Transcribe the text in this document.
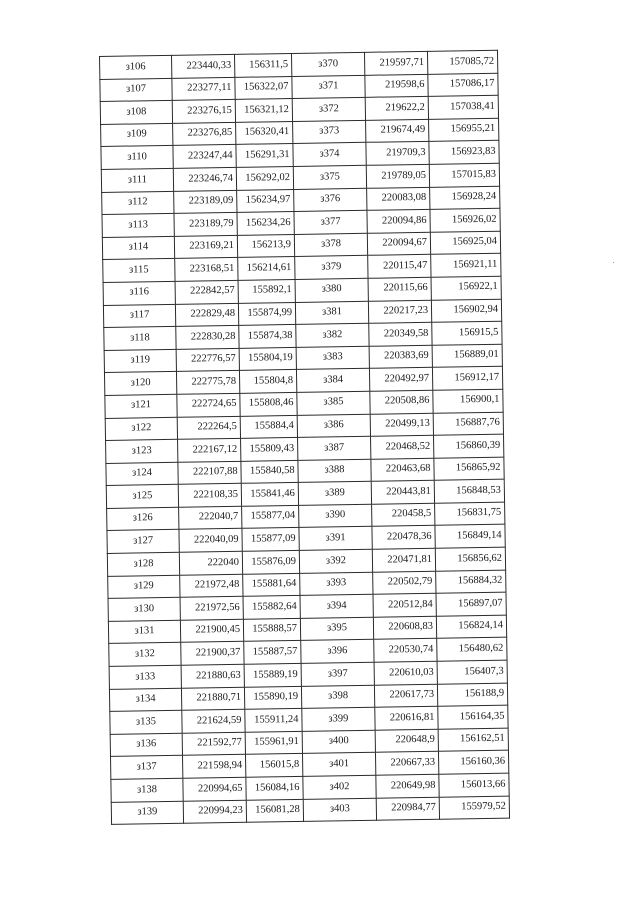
з106	223440,33	156311,5	з370	219597,71	157085,72
з107	223277,11	156322,07	з371	219598,6	157086,17
з108	223276,15	156321,12	з372	219622,2	157038,41
з109	223276,85	156320,41	з373	219674,49	156955,21
з110	223247,44	156291,31	з374	219709,3	156923,83
з111	223246,74	156292,02	з375	219789,05	157015,83
з112	223189,09	156234,97	з376	220083,08	156928,24
з113	223189,79	156234,26	з377	220094,86	156926,02
з114	223169,21	156213,9	з378	220094,67	156925,04
з115	223168,51	156214,61	з379	220115,47	156921,11
з116	222842,57	155892,1	з380	220115,66	156922,1
з117	222829,48	155874,99	з381	220217,23	156902,94
з118	222830,28	155874,38	з382	220349,58	156915,5
з119	222776,57	155804,19	з383	220383,69	156889,01
з120	222775,78	155804,8	з384	220492,97	156912,17
з121	222724,65	155808,46	з385	220508,86	156900,1
з122	222264,5	155884,4	з386	220499,13	156887,76
з123	222167,12	155809,43	з387	220468,52	156860,39
з124	222107,88	155840,58	з388	220463,68	156865,92
з125	222108,35	155841,46	з389	220443,81	156848,53
з126	222040,7	155877,04	з390	220458,5	156831,75
з127	222040,09	155877,09	з391	220478,36	156849,14
з128	222040	155876,09	з392	220471,81	156856,62
з129	221972,48	155881,64	з393	220502,79	156884,32
з130	221972,56	155882,64	з394	220512,84	156897,07
з131	221900,45	155888,57	з395	220608,83	156824,14
з132	221900,37	155887,57	з396	220530,74	156480,62
з133	221880,63	155889,19	з397	220610,03	156407,3
з134	221880,71	155890,19	з398	220617,73	156188,9
з135	221624,59	155911,24	з399	220616,81	156164,35
з136	221592,77	155961,91	з400	220648,9	156162,51
з137	221598,94	156015,8	з401	220667,33	156160,36
з138	220994,65	156084,16	з402	220649,98	156013,66
з139	220994,23	156081,28	з403	220984,77	155979,52
